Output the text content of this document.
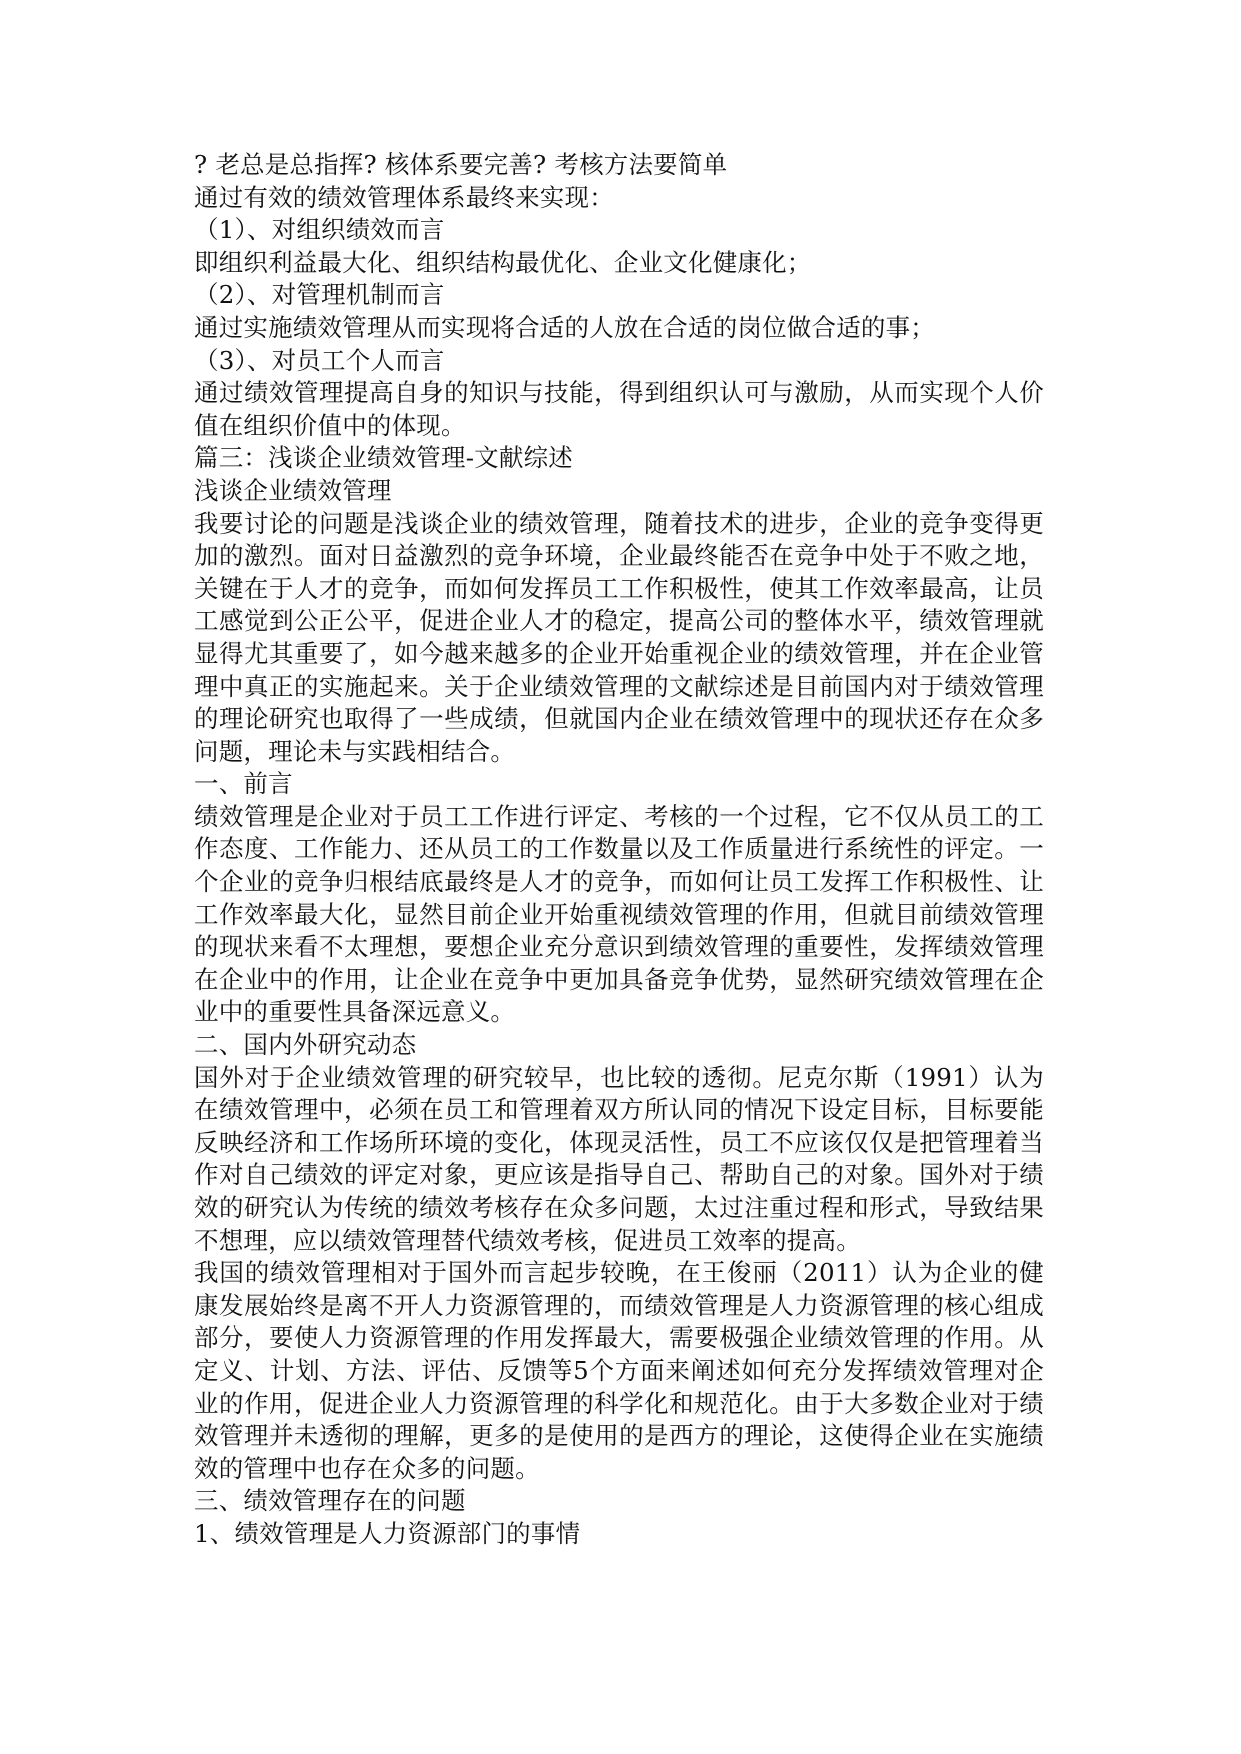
? 老总是总指挥? 核体系要完善? 考核方法要简单

通过有效的绩效管理体系最终来实现：

（1）、对组织绩效而言

即组织利益最大化、组织结构最优化、企业文化健康化；

（2）、对管理机制而言

通过实施绩效管理从而实现将合适的人放在合适的岗位做合适的事；

（3）、对员工个人而言

通过绩效管理提高自身的知识与技能，得到组织认可与激励，从而实现个人价值在组织价值中的体现。

篇三：浅谈企业绩效管理-文献综述

浅谈企业绩效管理

我要讨论的问题是浅谈企业的绩效管理，随着技术的进步，企业的竞争变得更加的激烈。面对日益激烈的竞争环境，企业最终能否在竞争中处于不败之地，关键在于人才的竞争，而如何发挥员工工作积极性，使其工作效率最高，让员工感觉到公正公平，促进企业人才的稳定，提高公司的整体水平，绩效管理就显得尤其重要了，如今越来越多的企业开始重视企业的绩效管理，并在企业管理中真正的实施起来。关于企业绩效管理的文献综述是目前国内对于绩效管理的理论研究也取得了一些成绩，但就国内企业在绩效管理中的现状还存在众多问题，理论未与实践相结合。

一、前言

绩效管理是企业对于员工工作进行评定、考核的一个过程，它不仅从员工的工作态度、工作能力、还从员工的工作数量以及工作质量进行系统性的评定。一个企业的竞争归根结底最终是人才的竞争，而如何让员工发挥工作积极性、让工作效率最大化，显然目前企业开始重视绩效管理的作用，但就目前绩效管理的现状来看不太理想，要想企业充分意识到绩效管理的重要性，发挥绩效管理在企业中的作用，让企业在竞争中更加具备竞争优势，显然研究绩效管理在企业中的重要性具备深远意义。

二、国内外研究动态

国外对于企业绩效管理的研究较早，也比较的透彻。尼克尔斯（1991）认为在绩效管理中，必须在员工和管理着双方所认同的情况下设定目标，目标要能反映经济和工作场所环境的变化，体现灵活性，员工不应该仅仅是把管理着当作对自己绩效的评定对象，更应该是指导自己、帮助自己的对象。国外对于绩效的研究认为传统的绩效考核存在众多问题，太过注重过程和形式，导致结果不想理，应以绩效管理替代绩效考核，促进员工效率的提高。

我国的绩效管理相对于国外而言起步较晚，在王俊丽（2011）认为企业的健康发展始终是离不开人力资源管理的，而绩效管理是人力资源管理的核心组成部分，要使人力资源管理的作用发挥最大，需要极强企业绩效管理的作用。从定义、计划、方法、评估、反馈等5个方面来阐述如何充分发挥绩效管理对企业的作用，促进企业人力资源管理的科学化和规范化。由于大多数企业对于绩效管理并未透彻的理解，更多的是使用的是西方的理论，这使得企业在实施绩效的管理中也存在众多的问题。

三、绩效管理存在的问题

1、绩效管理是人力资源部门的事情
